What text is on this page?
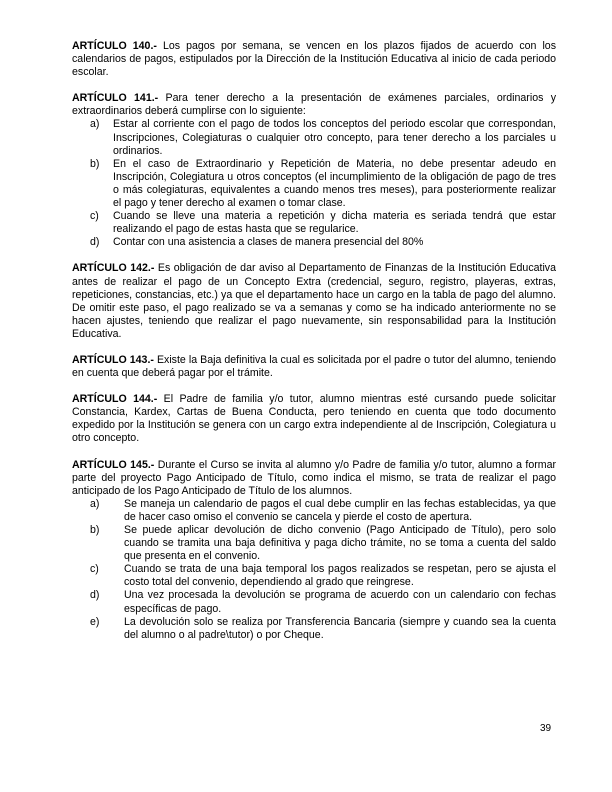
ARTÍCULO 140.- Los pagos por semana, se vencen en los plazos fijados de acuerdo con los calendarios de pagos, estipulados por la Dirección de la Institución Educativa al inicio de cada periodo escolar.

ARTÍCULO 141.- Para tener derecho a la presentación de exámenes parciales, ordinarios y extraordinarios deberá cumplirse con lo siguiente:

a) Estar al corriente con el pago de todos los conceptos del periodo escolar que correspondan, Inscripciones, Colegiaturas o cualquier otro concepto, para tener derecho a los parciales u ordinarios.
b) En el caso de Extraordinario y Repetición de Materia, no debe presentar adeudo en Inscripción, Colegiatura u otros conceptos (el incumplimiento de la obligación de pago de tres o más colegiaturas, equivalentes a cuando menos tres meses), para posteriormente realizar el pago y tener derecho al examen o tomar clase.
c) Cuando se lleve una materia a repetición y dicha materia es seriada tendrá que estar realizando el pago de estas hasta que se regularice.
d) Contar con una asistencia a clases de manera presencial del 80%

ARTÍCULO 142.- Es obligación de dar aviso al Departamento de Finanzas de la Institución Educativa antes de realizar el pago de un Concepto Extra (credencial, seguro, registro, playeras, extras, repeticiones, constancias, etc.) ya que el departamento hace un cargo en la tabla de pago del alumno. De omitir este paso, el pago realizado se va a semanas y como se ha indicado anteriormente no se hacen ajustes, teniendo que realizar el pago nuevamente, sin responsabilidad para la Institución Educativa.

ARTÍCULO 143.- Existe la Baja definitiva la cual es solicitada por el padre o tutor del alumno, teniendo en cuenta que deberá pagar por el trámite.

ARTÍCULO 144.- El Padre de familia y/o tutor, alumno mientras esté cursando puede solicitar Constancia, Kardex, Cartas de Buena Conducta, pero teniendo en cuenta que todo documento expedido por la Institución se genera con un cargo extra independiente al de Inscripción, Colegiatura u otro concepto.

ARTÍCULO 145.- Durante el Curso se invita al alumno y/o Padre de familia y/o tutor, alumno a formar parte del proyecto Pago Anticipado de Título, como indica el mismo, se trata de realizar el pago anticipado de los Pago Anticipado de Título de los alumnos.

a) Se maneja un calendario de pagos el cual debe cumplir en las fechas establecidas, ya que de hacer caso omiso el convenio se cancela y pierde el costo de apertura.
b) Se puede aplicar devolución de dicho convenio (Pago Anticipado de Título), pero solo cuando se tramita una baja definitiva y paga dicho trámite, no se toma a cuenta del saldo que presenta en el convenio.
c) Cuando se trata de una baja temporal los pagos realizados se respetan, pero se ajusta el costo total del convenio, dependiendo al grado que reingrese.
d) Una vez procesada la devolución se programa de acuerdo con un calendario con fechas específicas de pago.
e) La devolución solo se realiza por Transferencia Bancaria (siempre y cuando sea la cuenta del alumno o al padre\tutor) o por Cheque.
39
